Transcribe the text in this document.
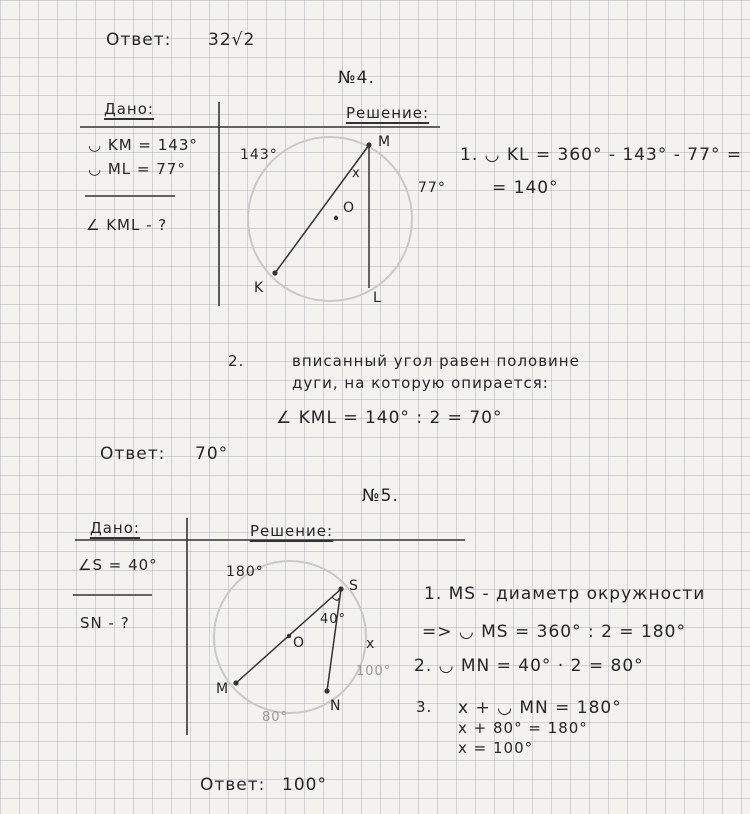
Ответ: 32√2
№4.
Дано:	Решение:
◡ KM = 143°
◡ ML = 77°
∠ KML - ?
143°
77°
M
O
K
L
x
1. ◡ KL = 360° - 143° - 77° =
= 140°
2.	вписанный угол равен половине
дуги, на которую опирается:
∠ KML = 140° : 2 = 70°
Ответ: 70°
№5.
Дано:	Решение:
∠S = 40°
SN - ?
180°
S
40°
O
M
N
x
100°
80°
1. MS - диаметр окружности
=> ◡ MS = 360° : 2 = 180°
2. ◡ MN = 40° · 2 = 80°
3. x + ◡ MN = 180°
x + 80° = 180°
x = 100°
Ответ: 100°
